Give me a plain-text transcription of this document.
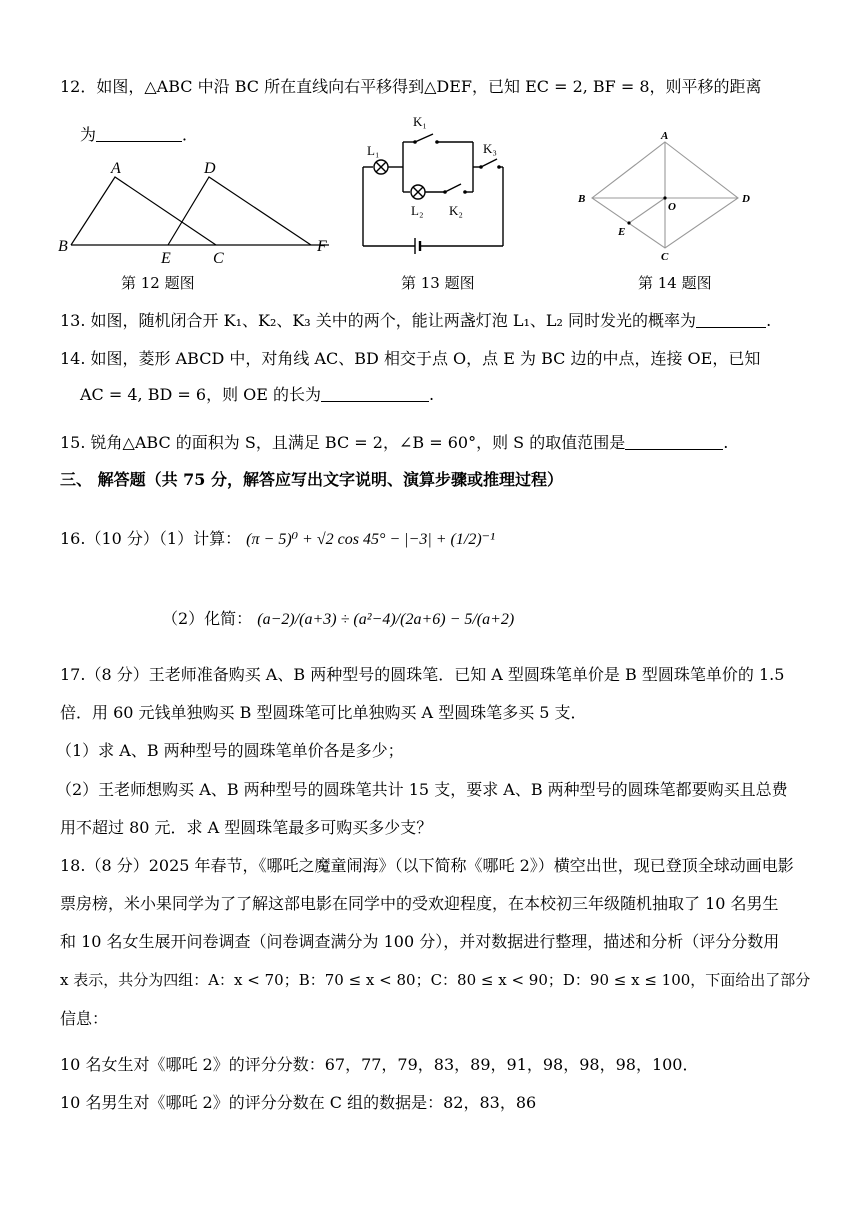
12．如图，△ABC 中沿 BC 所在直线向右平移得到△DEF，已知 EC = 2, BF = 8，则平移的距离
为	．
A	D
B
E	C
F
第 12 题图
K₁
L₁	K₃
L₂ K₂
第 13 题图
A
B
O
D
E
C
第 14 题图
13. 如图，随机闭合开 K₁、K₂、K₃ 关中的两个，能让两盏灯泡 L₁、L₂ 同时发光的概率为	.
14. 如图，菱形 ABCD 中，对角线 AC、BD 相交于点 O，点 E 为 BC 边的中点，连接 OE，已知
AC = 4, BD = 6，则 OE 的长为	.
15. 锐角△ABC 的面积为 S，且满足 BC = 2，∠B = 60°，则 S 的取值范围是	.
三、 解答题（共 75 分，解答应写出文字说明、演算步骤或推理过程）
16.（10 分）（1）计算： (π − 5)⁰ + √2 cos 45° − |−3| + (1/2)⁻¹
（2）化简： (a−2)/(a+3) ÷ (a²−4)/(2a+6) − 5/(a+2)
17.（8 分）王老师准备购买 A、B 两种型号的圆珠笔．已知 A 型圆珠笔单价是 B 型圆珠笔单价的 1.5
倍．用 60 元钱单独购买 B 型圆珠笔可比单独购买 A 型圆珠笔多买 5 支．
（1）求 A、B 两种型号的圆珠笔单价各是多少；
（2）王老师想购买 A、B 两种型号的圆珠笔共计 15 支，要求 A、B 两种型号的圆珠笔都要购买且总费
用不超过 80 元．求 A 型圆珠笔最多可购买多少支？
18.（8 分）2025 年春节，《哪吒之魔童闹海》（以下简称《哪吒 2》）横空出世，现已登顶全球动画电影
票房榜，米小果同学为了了解这部电影在同学中的受欢迎程度，在本校初三年级随机抽取了 10 名男生
和 10 名女生展开问卷调查（问卷调查满分为 100 分），并对数据进行整理，描述和分析（评分分数用
x 表示，共分为四组：A：x < 70；B：70 ≤ x < 80；C：80 ≤ x < 90；D：90 ≤ x ≤ 100，下面给出了部分
信息：
10 名女生对《哪吒 2》的评分分数：67，77，79，83，89，91，98，98，98，100．
10 名男生对《哪吒 2》的评分分数在 C 组的数据是：82，83，86
